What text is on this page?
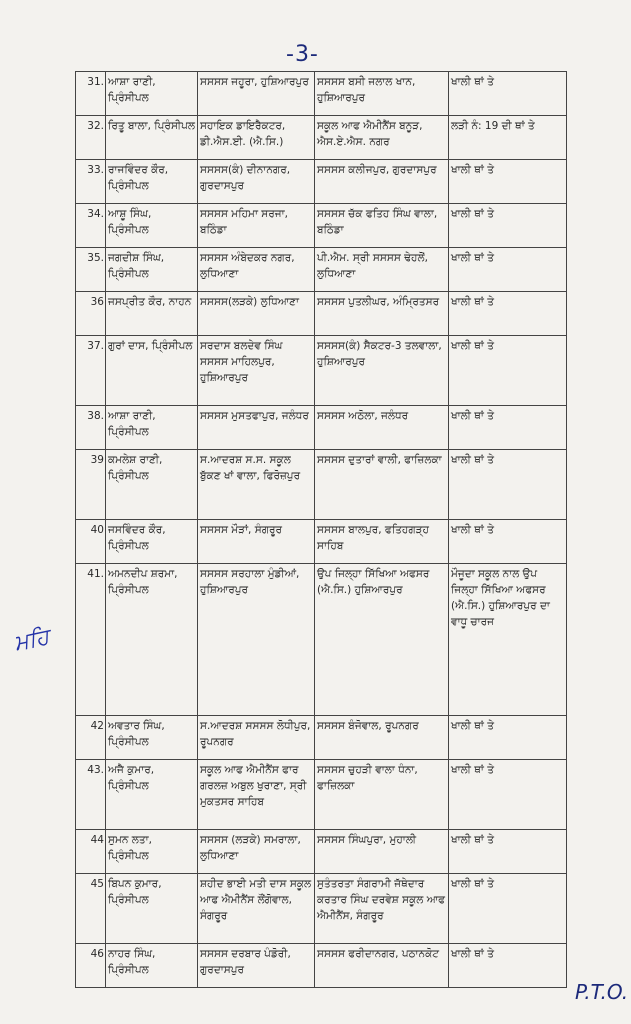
-3-
31.	ਆਸ਼ਾ ਰਾਣੀ, ਪ੍ਰਿੰਸੀਪਲ	ਸਸਸਸ ਜਹੂਰਾ, ਹੁਸ਼ਿਆਰਪੁਰ	ਸਸਸਸ ਬਸੀ ਜਲਾਲ ਖਾਨ, ਹੁਸ਼ਿਆਰਪੁਰ	ਖਾਲੀ ਥਾਂ ਤੇ
32.	ਰਿਤੂ ਬਾਲਾ, ਪ੍ਰਿੰਸੀਪਲ	ਸਹਾਇਕ ਡਾਇਰੈਕਟਰ, ਡੀ.ਐਸ.ਈ. (ਐ.ਸਿ.)	ਸਕੂਲ ਆਫ ਐਮੀਨੈਂਸ ਬਨੂੜ, ਐਸ.ਏ.ਐਸ. ਨਗਰ	ਲੜੀ ਨੰ: 19 ਦੀ ਥਾਂ ਤੇ
33.	ਰਾਜਵਿੰਦਰ ਕੌਰ, ਪ੍ਰਿੰਸੀਪਲ	ਸਸਸਸ(ਕੰ) ਦੀਨਾਨਗਰ, ਗੁਰਦਾਸਪੁਰ	ਸਸਸਸ ਕਲੀਜਪੁਰ, ਗੁਰਦਾਸਪੁਰ	ਖਾਲੀ ਥਾਂ ਤੇ
34.	ਆਸ਼ੂ ਸਿੰਘ, ਪ੍ਰਿੰਸੀਪਲ	ਸਸਸਸ ਮਹਿਮਾ ਸਰਜਾ, ਬਠਿੰਡਾ	ਸਸਸਸ ਚੱਕ ਫਤਿਹ ਸਿੰਘ ਵਾਲਾ, ਬਠਿੰਡਾ	ਖਾਲੀ ਥਾਂ ਤੇ
35.	ਜਗਦੀਸ਼ ਸਿੰਘ, ਪ੍ਰਿੰਸੀਪਲ	ਸਸਸਸ ਅੰਬੇਦਕਰ ਨਗਰ, ਲੁਧਿਆਣਾ	ਪੀ.ਐਮ. ਸ੍ਰੀ ਸਸਸਸ ਢੇਹਲੋਂ, ਲੁਧਿਆਣਾ	ਖਾਲੀ ਥਾਂ ਤੇ
36	ਜਸਪ੍ਰੀਤ ਕੌਰ, ਨਾਹਨ	ਸਸਸਸ(ਲੜਕੇ) ਲੁਧਿਆਣਾ	ਸਸਸਸ ਪੁਤਲੀਘਰ, ਅੰਮ੍ਰਿਤਸਰ	ਖਾਲੀ ਥਾਂ ਤੇ
37.	ਗੁਰਾਂ ਦਾਸ, ਪ੍ਰਿੰਸੀਪਲ	ਸਰਦਾਸ ਬਲਦੇਵ ਸਿੰਘ ਸਸਸਸ ਮਾਹਿਲਪੁਰ, ਹੁਸ਼ਿਆਰਪੁਰ	ਸਸਸਸ(ਕੰ) ਸੈਕਟਰ-3 ਤਲਵਾਲਾ, ਹੁਸ਼ਿਆਰਪੁਰ	ਖਾਲੀ ਥਾਂ ਤੇ
38.	ਆਸ਼ਾ ਰਾਣੀ, ਪ੍ਰਿੰਸੀਪਲ	ਸਸਸਸ ਮੁਸਤਫਾਪੁਰ, ਜਲੰਧਰ	ਸਸਸਸ ਅਠੋਲਾ, ਜਲੰਧਰ	ਖਾਲੀ ਥਾਂ ਤੇ
39	ਕਮਲੇਸ਼ ਰਾਣੀ, ਪ੍ਰਿੰਸੀਪਲ	ਸ.ਆਦਰਸ਼ ਸ.ਸ. ਸਕੂਲ ਬੁੱਕਣ ਖਾਂ ਵਾਲਾ, ਫਿਰੋਜ਼ਪੁਰ	ਸਸਸਸ ਦੁਤਾਰਾਂ ਵਾਲੀ, ਫਾਜ਼ਿਲਕਾ	ਖਾਲੀ ਥਾਂ ਤੇ
40	ਜਸਵਿੰਦਰ ਕੌਰ, ਪ੍ਰਿੰਸੀਪਲ	ਸਸਸਸ ਮੌੜਾਂ, ਸੰਗਰੂਰ	ਸਸਸਸ ਬਾਲਪੁਰ, ਫਤਿਹਗੜ੍ਹ ਸਾਹਿਬ	ਖਾਲੀ ਥਾਂ ਤੇ
41.	ਅਮਨਦੀਪ ਸ਼ਰਮਾ, ਪ੍ਰਿੰਸੀਪਲ	ਸਸਸਸ ਸਰਹਾਲਾ ਮੁੰਡੀਆਂ, ਹੁਸ਼ਿਆਰਪੁਰ	ਉਪ ਜਿਲ੍ਹਾ ਸਿੱਖਿਆ ਅਫਸਰ (ਐ.ਸਿ.) ਹੁਸ਼ਿਆਰਪੁਰ	ਮੌਜੂਦਾ ਸਕੂਲ ਨਾਲ ਉਪ ਜਿਲ੍ਹਾ ਸਿੱਖਿਆ ਅਫਸਰ (ਐ.ਸਿ.) ਹੁਸ਼ਿਆਰਪੁਰ ਦਾ ਵਾਧੂ ਚਾਰਜ
42	ਅਵਤਾਰ ਸਿੰਘ, ਪ੍ਰਿੰਸੀਪਲ	ਸ.ਆਦਰਸ਼ ਸਸਸਸ ਲੋਧੀਪੁਰ, ਰੂਪਨਗਰ	ਸਸਸਸ ਬੰਜੋਵਾਲ, ਰੂਪਨਗਰ	ਖਾਲੀ ਥਾਂ ਤੇ
43.	ਅਜੈ ਕੁਮਾਰ, ਪ੍ਰਿੰਸੀਪਲ	ਸਕੂਲ ਆਫ ਐਮੀਨੈਂਸ ਫਾਰ ਗਰਲਜ਼ ਅਬੁਲ ਖੁਰਾਣਾ, ਸ੍ਰੀ ਮੁਕਤਸਰ ਸਾਹਿਬ	ਸਸਸਸ ਚੁਹੜੀ ਵਾਲਾ ਧੰਨਾ, ਫਾਜ਼ਿਲਕਾ	ਖਾਲੀ ਥਾਂ ਤੇ
44	ਸੁਮਨ ਲਤਾ, ਪ੍ਰਿੰਸੀਪਲ	ਸਸਸਸ (ਲੜਕੇ) ਸਮਰਾਲਾ, ਲੁਧਿਆਣਾ	ਸਸਸਸ ਸਿੰਘਪੁਰਾ, ਮੁਹਾਲੀ	ਖਾਲੀ ਥਾਂ ਤੇ
45	ਬਿਪਨ ਕੁਮਾਰ, ਪ੍ਰਿੰਸੀਪਲ	ਸ਼ਹੀਦ ਭਾਈ ਮਤੀ ਦਾਸ ਸਕੂਲ ਆਫ ਐਮੀਨੈਂਸ ਲੌਂਗੋਵਾਲ, ਸੰਗਰੂਰ	ਸੁਤੰਤਰਤਾ ਸੰਗਰਾਮੀ ਜੱਥੇਦਾਰ ਕਰਤਾਰ ਸਿੰਘ ਦਰਵੇਸ਼ ਸਕੂਲ ਆਫ ਐਮੀਨੈਂਸ, ਸੰਗਰੂਰ	ਖਾਲੀ ਥਾਂ ਤੇ
46	ਨਾਹਰ ਸਿੰਘ, ਪ੍ਰਿੰਸੀਪਲ	ਸਸਸਸ ਦਰਬਾਰ ਪੰਡੋਰੀ, ਗੁਰਦਾਸਪੁਰ	ਸਸਸਸ ਫਰੀਦਾਨਗਰ, ਪਠਾਨਕੋਟ	ਖਾਲੀ ਥਾਂ ਤੇ
ਮਹਿ
P.T.O.
